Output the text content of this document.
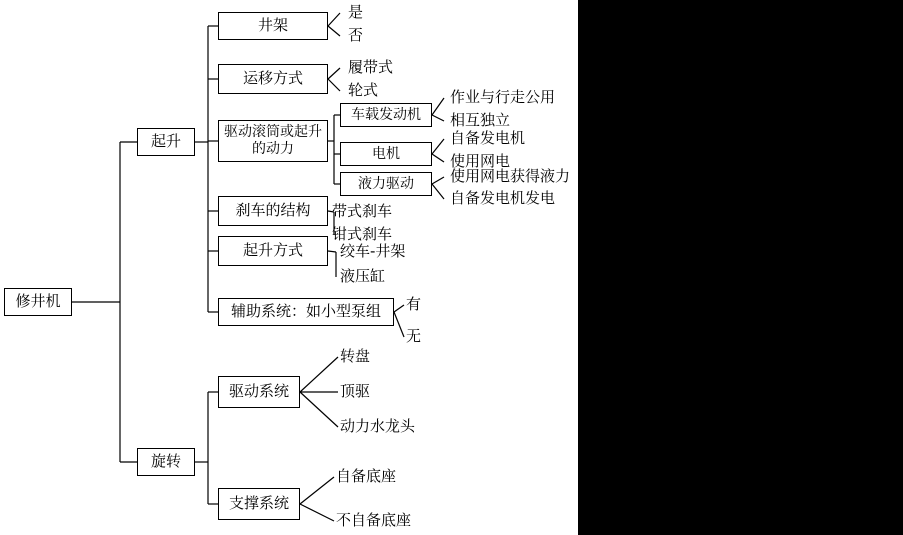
修井机
起升
井架
是
否
运移方式
履带式
轮式
驱动滚筒或起升的动力
车载发动机
作业与行走公用
相互独立
电机
自备发电机
使用网电
液力驱动	使用网电获得液力
自备发电机发电
刹车的结构	带式刹车
钳式刹车
起升方式	绞车-井架
液压缸
辅助系统：如小型泵组	有
无
旋转
驱动系统
转盘
顶驱
动力水龙头
支撑系统
自备底座
不自备底座
